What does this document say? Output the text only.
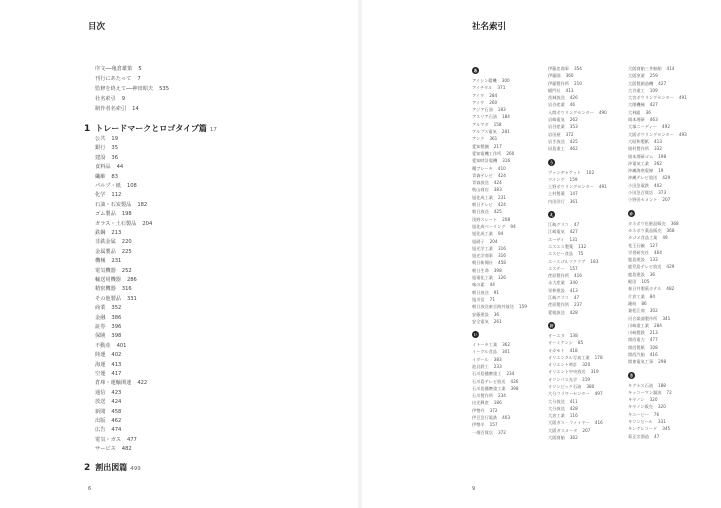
目次
序文──亀倉雄策 5
刊行にあたって 7
監修を終えて──神田昭夫 535
社名索引 9
制作者名索引 14
1 トレードマークとロゴタイプ篇 17
公共 19
銀行 35
建設 36
食料品 44
繊維 83
パルプ・紙 108
化学 112
石油・石炭製品 182
ゴム製品 198
ガラス・土石製品 204
鉄鋼 213
非鉄金属 220
金属製品 225
機械 231
電気機器 252
輸送用機器 286
精密機器 316
その他製品 331
商業 352
金融 386
証券 396
保険 398
不動産 401
陸運 402
海運 413
空運 417
倉庫・運輸関連 422
通信 423
放送 424
新聞 458
出版 462
広告 474
電気・ガス 477
サービス 482
2 割出図篇 499
6
社名索引
あ
アイシン精機 300
アイチタル 371
アイワ 284
アイワ 260
アジア石油 183
アスリア石油 184
アルマダ 158
アルプス電気 281
アンク 361
愛知製鋼 217
愛知電機工作所 260
愛知時計電機 316
曙ブレーキ 410
青森テレビ 424
青森放送 424
秋山商店 383
旭化成工業 231
朝日テレビ 424
朝日放送 425
浅野スレート 208
旭化成ベーリング 94
旭化成工業 94
旭硝子 204
旭光学工業 316
旭光学商事 316
朝日新聞社 458
朝日生命 398
旭電化工業 126
味の素 44
朝日放送 91
旭川信 71
朝日放送東京海外放送 159
安藤建設 36
安全電気 261
い
イトーキ工業 362
イーグル食品 301
イダール 383
池貝鉄工 233
石川島播磨重工 234
石川島テレビ放送 426
石川島播磨重工業 398
石川製作所 234
出光興産 186
伊勢丹 372
伊豆急行電鉄 403
伊勢半 157
一畑百貨店 372
伊藤忠商事 354
伊藤園 360
伊藤製作所 210
稲門社 413
茨城放送 426
岩谷産業 46
入間ボウリングセンター 490
岩崎電気 262
岩谷産業 353
岩田屋 372
岩手放送 425
因島重工 462
う
ヴァンヂャケット 102
ウイング 159
上野ボウリングセンター 491
上村製薬 147
内田洋行 361
え
江崎グリコ 47
江崎電気 427
エーザイ 131
エスエス製薬 132
エスビー食品 75
エースゴルフクラブ 183
エステー 157
荏原製作所 416
永大産業 340
栄伸建設 413
江崎グリコ 47
荏原製作所 237
愛媛放送 428
お
オーエヌ 138
オーミケンシ 85
オカモト 418
オリエンタル写真工業 178
オリエント時計 320
オリエント中央放送 319
オリンパス光学 319
オリンピック石油 380
大分フラワーセンター 497
大分放送 411
大分放送 428
大倉工業 116
大阪ガス・ファイヤー 416
大阪ガスメータ 207
大阪商船 362
大阪商船三井船舶 414
大阪窯業 259
大阪製鎖造機 427
大谷重工 109
大宮ボウリングセンター 491
大隈機械 427
大林組 36
岡本理研 463
大塚ニーディー 492
大阪ボウリングセンター 493
大昭和製紙 413
岡村製作所 332
岡本理研ゴム 198
沖電気工業 262
沖縄海底電線 19
沖縄テレビ放送 429
小田急電鉄 402
小田急百貨店 373
小野田セメント 207
か
カネボウ化粧品販売 368
カネボウ薬品販売 368
カゴメ食品工業 49
花王石鹸 127
学習研究社 464
鹿島建設 133
鹿児島テレビ放送 429
鹿島建設 36
梶田 105
春日井製菓ホテル 482
片倉工業 84
鐘紡 86
兼松江商 302
河合楽器製作所 341
川崎重工業 284
川崎製鉄 213
関西電力 477
関西製紙 108
関西汽船 416
関東電気工事 298
き
キグナス石油 188
キッコーマン醤油 72
キヤノン 320
キヤノン販売 320
キユーピー 76
キリンビール 331
キングレコード 345
菊正宗酒造 47
9
